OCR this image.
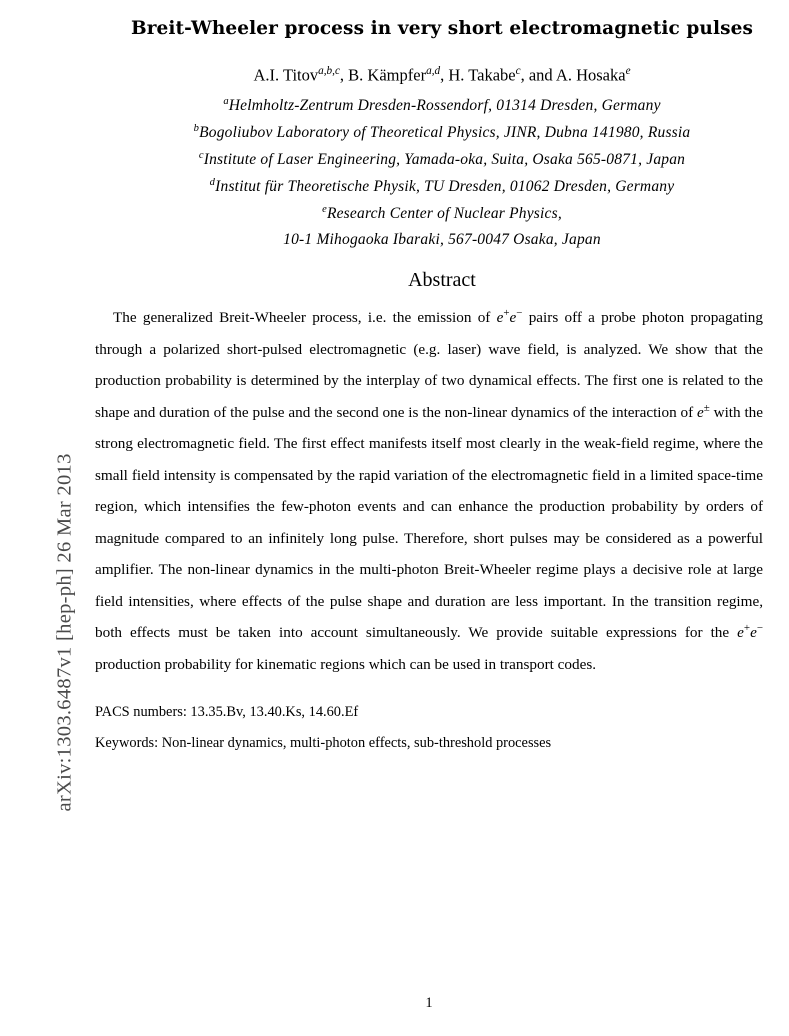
arXiv:1303.6487v1 [hep-ph] 26 Mar 2013
Breit-Wheeler process in very short electromagnetic pulses
A.I. Titov$^{a,b,c}$, B. Kämpfer$^{a,d}$, H. Takabe$^c$, and A. Hosaka$^e$
$^a$Helmholtz-Zentrum Dresden-Rossendorf, 01314 Dresden, Germany
$^b$Bogoliubov Laboratory of Theoretical Physics, JINR, Dubna 141980, Russia
$^c$Institute of Laser Engineering, Yamada-oka, Suita, Osaka 565-0871, Japan
$^d$Institut für Theoretische Physik, TU Dresden, 01062 Dresden, Germany
$^e$Research Center of Nuclear Physics,
10-1 Mihogaoka Ibaraki, 567-0047 Osaka, Japan
Abstract
The generalized Breit-Wheeler process, i.e. the emission of e+e− pairs off a probe photon propagating through a polarized short-pulsed electromagnetic (e.g. laser) wave field, is analyzed. We show that the production probability is determined by the interplay of two dynamical effects. The first one is related to the shape and duration of the pulse and the second one is the non-linear dynamics of the interaction of e± with the strong electromagnetic field. The first effect manifests itself most clearly in the weak-field regime, where the small field intensity is compensated by the rapid variation of the electromagnetic field in a limited space-time region, which intensifies the few-photon events and can enhance the production probability by orders of magnitude compared to an infinitely long pulse. Therefore, short pulses may be considered as a powerful amplifier. The non-linear dynamics in the multi-photon Breit-Wheeler regime plays a decisive role at large field intensities, where effects of the pulse shape and duration are less important. In the transition regime, both effects must be taken into account simultaneously. We provide suitable expressions for the e+e− production probability for kinematic regions which can be used in transport codes.
PACS numbers: 13.35.Bv, 13.40.Ks, 14.60.Ef
Keywords: Non-linear dynamics, multi-photon effects, sub-threshold processes
1
